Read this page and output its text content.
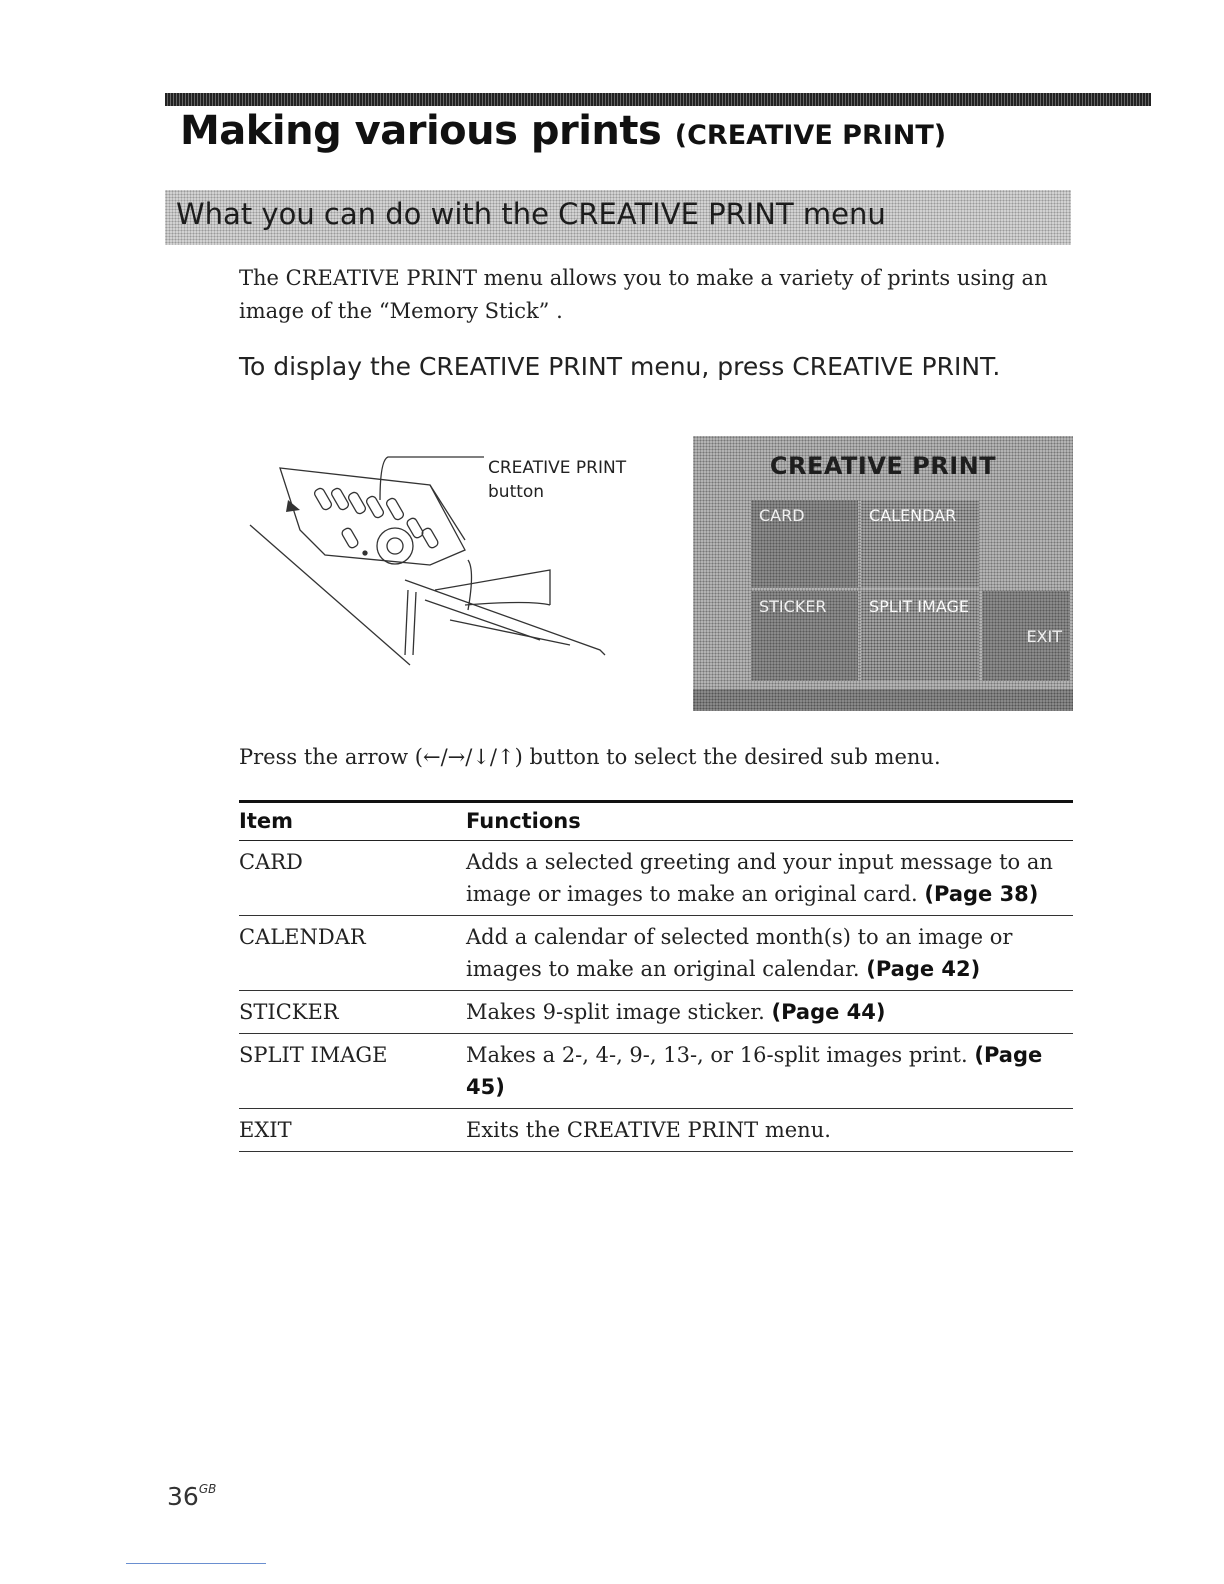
Making various prints (CREATIVE PRINT)
What you can do with the CREATIVE PRINT menu

The CREATIVE PRINT menu allows you to make a variety of prints using an image of the “Memory Stick” .

To display the CREATIVE PRINT menu, press CREATIVE PRINT.

CREATIVE PRINT
button
CREATIVE PRINT
CARD	CALENDAR
STICKER	SPLIT IMAGE
EXIT

Press the arrow (←/→/↓/↑) button to select the desired sub menu.

Item	Functions
CARD	Adds a selected greeting and your input message to an image or images to make an original card. (Page 38)
CALENDAR	Add a calendar of selected month(s) to an image or images to make an original calendar. (Page 42)
STICKER	Makes 9-split image sticker. (Page 44)
SPLIT IMAGE	Makes a 2-, 4-, 9-, 13-, or 16-split images print. (Page 45)
EXIT	Exits the CREATIVE PRINT menu.
$36^{GB}$
